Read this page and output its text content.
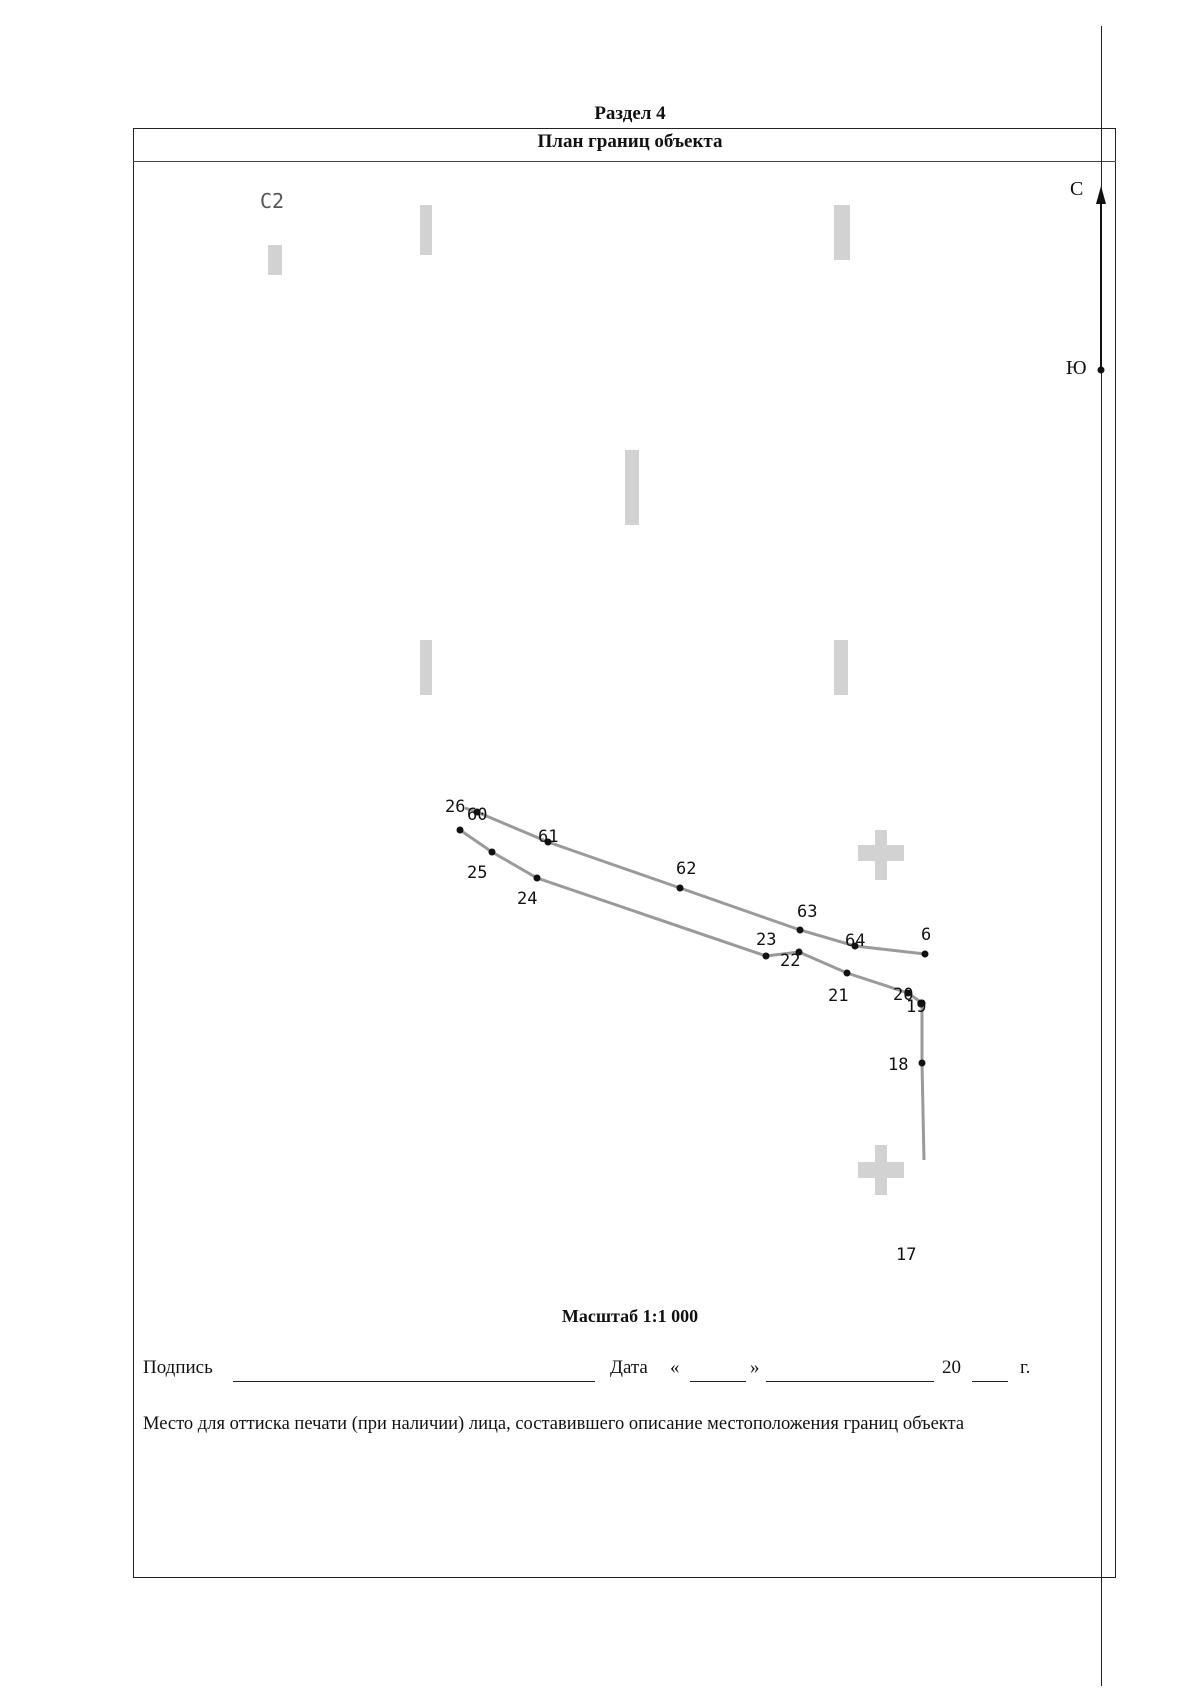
Раздел 4
План границ объекта
С2	С
Ю
26 60
61
62
63
64	6
25
24
23
22
21	20
19
18
17
Масштаб 1:1 000
Подпись	Дата «	»	20	г.
Место для оттиска печати (при наличии) лица, составившего описание местоположения границ объекта
